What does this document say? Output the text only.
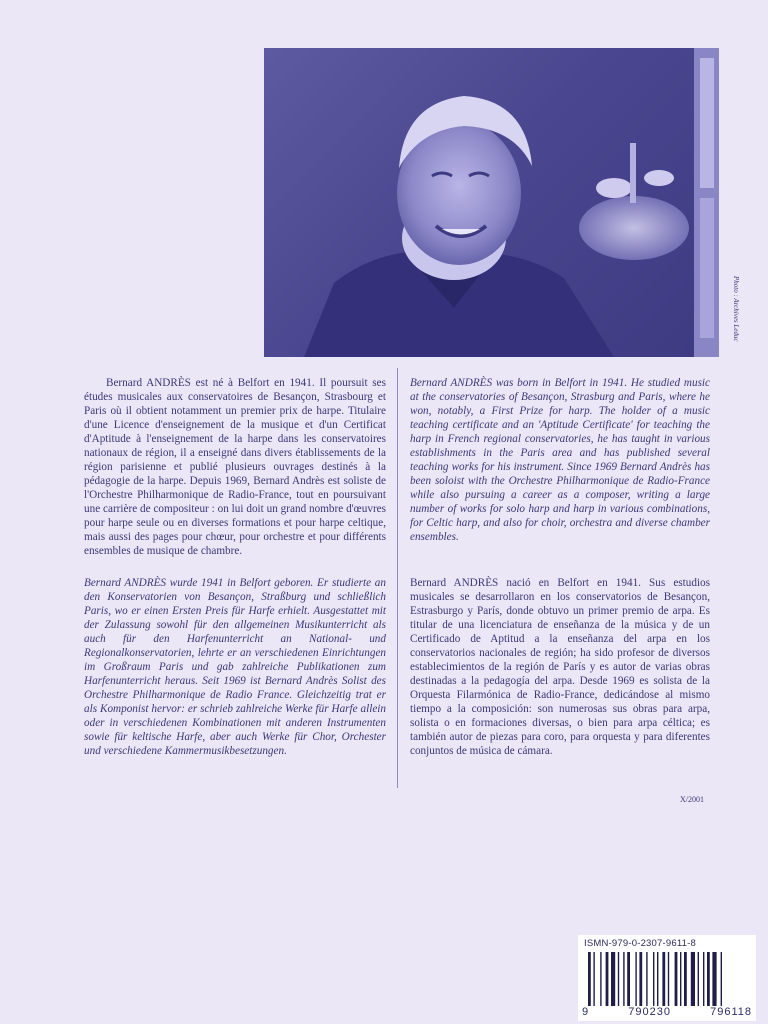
Photo : Archives Leduc

Bernard ANDRÈS est né à Belfort en 1941. Il poursuit ses études musicales aux conservatoires de Besançon, Strasbourg et Paris où il obtient notamment un premier prix de harpe. Titulaire d'une Licence d'enseignement de la musique et d'un Certificat d'Aptitude à l'enseignement de la harpe dans les conservatoires nationaux de région, il a enseigné dans divers établissements de la région parisienne et publié plusieurs ouvrages destinés à la pédagogie de la harpe. Depuis 1969, Bernard Andrès est soliste de l'Orchestre Philharmonique de Radio-France, tout en poursuivant une carrière de compositeur : on lui doit un grand nombre d'œuvres pour harpe seule ou en diverses formations et pour harpe celtique, mais aussi des pages pour chœur, pour orchestre et pour différents ensembles de musique de chambre.

Bernard ANDRÈS was born in Belfort in 1941. He studied music at the conservatories of Besançon, Strasburg and Paris, where he won, notably, a First Prize for harp. The holder of a music teaching certificate and an 'Aptitude Certificate' for teaching the harp in French regional conservatories, he has taught in various establishments in the Paris area and has published several teaching works for his instrument. Since 1969 Bernard Andrès has been soloist with the Orchestre Philharmonique de Radio-France while also pursuing a career as a composer, writing a large number of works for solo harp and harp in various combinations, for Celtic harp, and also for choir, orchestra and diverse chamber ensembles.

Bernard ANDRÈS wurde 1941 in Belfort geboren. Er studierte an den Konservatorien von Besançon, Straßburg und schließlich Paris, wo er einen Ersten Preis für Harfe erhielt. Ausgestattet mit der Zulassung sowohl für den allgemeinen Musikunterricht als auch für den Harfenunterricht an National- und Regionalkonservatorien, lehrte er an verschiedenen Einrichtungen im Großraum Paris und gab zahlreiche Publikationen zum Harfenunterricht heraus. Seit 1969 ist Bernard Andrès Solist des Orchestre Philharmonique de Radio France. Gleichzeitig trat er als Komponist hervor: er schrieb zahlreiche Werke für Harfe allein oder in verschiedenen Kombinationen mit anderen Instrumenten sowie für keltische Harfe, aber auch Werke für Chor, Orchester und verschiedene Kammermusikbesetzungen.

Bernard ANDRÈS nació en Belfort en 1941. Sus estudios musicales se desarrollaron en los conservatorios de Besançon, Estrasburgo y París, donde obtuvo un primer premio de arpa. Es titular de una licenciatura de enseñanza de la música y de un Certificado de Aptitud a la enseñanza del arpa en los conservatorios nacionales de región; ha sido profesor de diversos establecimientos de la región de París y es autor de varias obras destinadas a la pedagogía del arpa. Desde 1969 es solista de la Orquesta Filarmónica de Radio-France, dedicándose al mismo tiempo a la composición: son numerosas sus obras para arpa, solista o en formaciones diversas, o bien para arpa céltica; es también autor de piezas para coro, para orquesta y para diferentes conjuntos de música de cámara.

X/2001
ISMN-979-0-2307-9611-8
9	790230	796118
